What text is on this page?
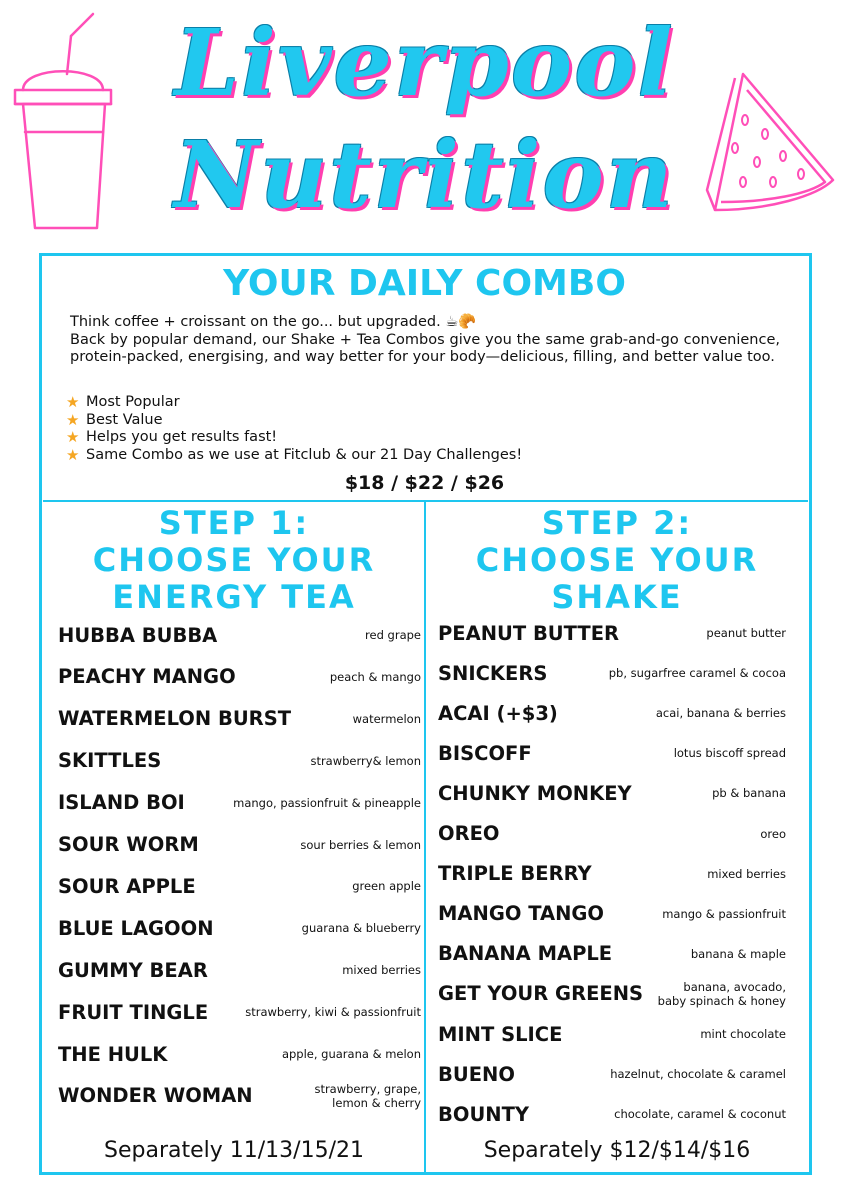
Liverpool
Nutrition
YOUR DAILY COMBO

Think coffee + croissant on the go... but upgraded. ☕🥐

Back by popular demand, our Shake + Tea Combos give you the same grab-and-go convenience, protein-packed, energising, and way better for your body—delicious, filling, and better value too.

★ Most Popular
★ Best Value
★ Helps you get results fast!
★ Same Combo as we use at Fitclub & our 21 Day Challenges!
$18 / $22 / $26
STEP 1:
CHOOSE YOUR
ENERGY TEA
HUBBA BUBBA	red grape
PEACHY MANGO	peach & mango
WATERMELON BURST	watermelon
SKITTLES	strawberry& lemon
ISLAND BOI	mango, passionfruit & pineapple
SOUR WORM	sour berries & lemon
SOUR APPLE	green apple
BLUE LAGOON	guarana & blueberry
GUMMY BEAR	mixed berries
FRUIT TINGLE	strawberry, kiwi & passionfruit
THE HULK	apple, guarana & melon
WONDER WOMAN	strawberry, grape,
lemon & cherry
Separately 11/13/15/21
STEP 2:
CHOOSE YOUR
SHAKE
PEANUT BUTTER	peanut butter
SNICKERS	pb, sugarfree caramel & cocoa
ACAI (+$3)	acai, banana & berries
BISCOFF	lotus biscoff spread
CHUNKY MONKEY	pb & banana
OREO	oreo
TRIPLE BERRY	mixed berries
MANGO TANGO	mango & passionfruit
BANANA MAPLE	banana & maple
GET YOUR GREENS	banana, avocado,
baby spinach & honey
MINT SLICE	mint chocolate
BUENO	hazelnut, chocolate & caramel
BOUNTY	chocolate, caramel & coconut
Separately $12/$14/$16
